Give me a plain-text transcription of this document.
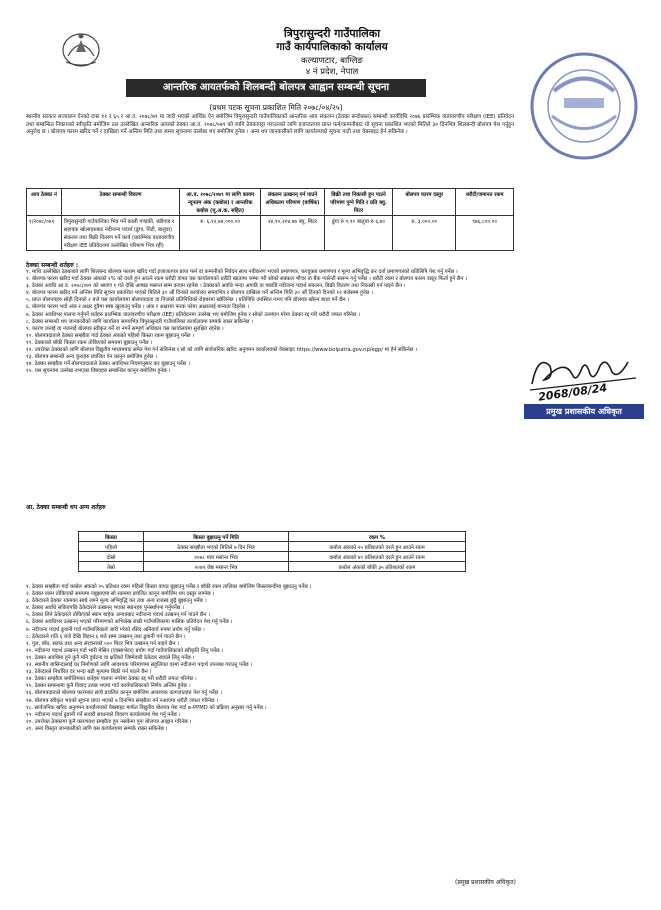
त्रिपुरासुन्दरी गाउँपालिका
गाउँ कार्यपालिकाको कार्यालय
कल्याणटार, बाग्लिङ
४ नं प्रदेश, नेपाल
आन्तरिक आयतर्फको शिलबन्दी बोलपत्र आह्वान सम्बन्धी सूचना
(प्रथम पटक सूचना प्रकाशित मिति २०७८/०४/२५)
स्थानीय सरकार सञ्चालन ऐनको दफा ११ र ६५ र आ.व. २०७८/७९ मा जारी भएको आर्थिक ऐन बमोजिम त्रिपुरासुन्दरी गाउँपालिकाको आन्तरिक आय संकलन (ठेक्का बन्दोबस्त) सम्बन्धी कार्यविधि २०७६ प्रारम्भिक वातावरणीय परीक्षण (IEE) प्रतिवेदन तथा सम्बन्धित निकायको स्वीकृति बमोजिम तल उल्लेखित आन्तरिक आयको ठेक्का आ.व. २०७८/०७९ को लागि ठेक्कापट्टा गराउनको लागि इजाजतपत्र प्राप्त फर्म/कम्पनीबाट यो सूचना प्रकाशित भएको मितिले ३० दिनभित्र शिलबन्दी बोलपत्र पेश गर्नुहुन अनुरोध छ । बोलपत्र फारम खरिद गर्ने र दाखिला गर्ने अन्तिम मिति तथा समय सूचनामा उल्लेख भए बमोजिम हुनेछ । अन्य थप जानकारीको लागि कार्यालयको सूचना पाटी तथा वेबसाइट हेर्न सकिनेछ ।
आय ठेक्का नं	ठेक्का सम्बन्धी विवरण	आ.व. २०७८/२०७९ मा लागि कायम न्यूनतम अंक (कबोल) र आन्तरिक कबोल (मू.अ.क. सहित)	संकलन उत्खनन् गर्न पाउने अधिकतम परिमाण (वार्षिक)	बिक्री तथा निकासी हुन पाउने परिमाण पुग्ने मिति र प्रति क्यु. मिटर	बोलपत्र फारम दस्तुर	धरौटी/जमानत रकम
१/२०७८/०७९	त्रिपुरासुन्दरी गाउँपालिका भित्र पर्ने काली गण्डकी, बडीगाड र सहायक खोलाहरुबाट नदीजन्य पदार्थ (ढुंगा, गिटी, बालुवा) संकलन तथा बिक्री वितरण गर्ने कार्य (प्रारम्भिक वातावरणीय परीक्षण IEE प्रतिवेदनमा उल्लेखित परिमाण भित्र रही)	रु. ६,१२,७४,०००.००	२४,९०,२१४.४७ क्यु. मिटर	ढुंगा रु ९.९० बालुवा रु ६.७०	रु. ३,०००.००	९७६,८००.००
ठेक्का सम्बन्धी शर्तहरु :

१. माथि उल्लेखित ठेक्काको लागि शिलबन्द बोलपत्र फाराम खरिद गर्दा इजाजतपत्र प्राप्त फर्म वा कम्पनीको निवेदन साथ नवीकरण भएको प्रमाणपत्र, करचुक्ता प्रमाणपत्र र मूल्य अभिवृद्धि कर दर्ता प्रमाणपत्रको प्रतिलिपि पेश गर्नु पर्नेछ ।

२. बोलपत्र फारम खरिद गर्दा ठेक्का अंकको २% को दरले हुन आउने रकम धरौटी वापत यस कार्यालयको धरौटी खातामा जम्मा गरी सोको सक्कल भौचर वा बैंक ग्यारेन्टी संलग्न गर्नु पर्नेछ । धरौटी रकम र बोलपत्र फारम दस्तुर फिर्ता हुने छैन ।

३. ठेक्का अवधि आ.व. २०७८/०७९ को श्रावण १ गते देखि आषाढ मसान्त सम्म कायम रहनेछ । ठेक्काको अवधि भन्दा अगाडि वा पछाडि नदीजन्य पदार्थ संकलन, बिक्री वितरण तथा निकासी गर्न पाइने छैन ।

४. बोलपत्र फारम खरिद गर्ने अन्तिम मिति सूचना प्रकाशित भएको मितिले ३० औं दिनको कार्यालय समयभित्र र बोलपत्र दाखिला गर्ने अन्तिम मिति ३० औं दिनको दिनको १२ बजेसम्म हुनेछ ।

५. प्राप्त बोलपत्रहरु सोही दिनको २ बजे यस कार्यालयमा बोलपत्रदाता वा निजको प्रतिनिधिको रोहबरमा खोलिनेछ । प्रतिनिधि उपस्थित नभए पनि बोलपत्र खोल्न बाधा पर्ने छैन ।

६. बोलपत्र फारम भर्दा अंक र अक्षर दुवैमा स्पष्ट खुलाउनु पर्नेछ । अंक र अक्षरमा फरक परेमा अक्षरलाई मान्यता दिइनेछ ।

७. ठेक्का अवधिभर पालना गर्नुपर्ने शर्तहरु प्रारम्भिक वातावरणीय परीक्षण (IEE) प्रतिवेदनमा उल्लेख भए बमोजिम हुनेछ र सोको उल्लंघन गरेमा ठेक्का रद्द गरी धरौटी जफत गरिनेछ ।

८. ठेक्का सम्बन्धी थप जानकारीको लागि कार्यालय समयभित्र त्रिपुरासुन्दरी गाउँपालिका कार्यालयमा सम्पर्क राख्न सकिनेछ ।

९. कारण जनाई वा नजनाई बोलपत्र स्वीकृत गर्ने वा नगर्ने सम्पूर्ण अधिकार यस कार्यालयमा सुरक्षित रहनेछ ।

१०. बोलपत्रदाताले ठेक्का सम्झौता गर्दा ठेक्का अंकको पहिलो किस्ता रकम बुझाउनु पर्नेछ ।

११. ठेक्काको बाँकी किस्ता रकम तोकिएको समयमा बुझाउनु पर्नेछ ।

१२. उपरोक्त ठेक्काको लागि बोलपत्र विद्युतीय माध्यमबाट समेत पेश गर्न सकिनेछ र सो को लागि सार्वजनिक खरिद अनुगमन कार्यालयको वेबसाइट https://www.bolpatra.gov.np/egp/ मा हेर्न सकिनेछ ।

१३. बोलपत्र सम्बन्धी अन्य कुराहरु प्रचलित ऐन कानून बमोजिम हुनेछ ।

१४. ठेक्का सम्झौता गर्ने बोलपत्रदाताले ठेक्का अवधिभर नियमानुसार कर बुझाउनु पर्नेछ ।

१५. यस सूचनामा उल्लेख नभएका विषयहरु सम्बन्धित कानून बमोजिम हुनेछ ।

आ. ठेक्का सम्बन्धी थप अन्य शर्तहरु
किस्ता	किस्ता बुझाउनु पर्ने मिति	रकम %
पहिलो	ठेक्का सम्झौता भएको मितिले ७ दिन भित्र	कबोल अंकको २५ प्रतिशतको दरले हुन आउने रकम
दोस्रो	२०७८ माघ मसान्त भित्र	कबोल अंकको ४० प्रतिशतको दरले हुन आउने रकम
तेस्रो	२०७९ जेष्ठ मसान्त भित्र	कबोल अंकको बाँकी ३५ प्रतिशतको रकम

१. ठेक्का सम्झौता गर्दा कबोल अंकको २५ प्रतिशत रकम पहिलो किस्ता वापत बुझाउनु पर्नेछ र बाँकी रकम तालिका बमोजिम किस्ताबन्दीमा बुझाउनु पर्नेछ ।

२. ठेक्का रकम तोकिएको समयमा नबुझाएमा सो रकममा प्रचलित कानून बमोजिम थप दस्तुर लाग्नेछ ।

३. ठेकेदारले ठेक्का रकमका साथै लाग्ने मूल्य अभिवृद्धि कर तथा अन्य राजस्व छुट्टै बुझाउनु पर्नेछ ।

४. ठेक्का अवधि सकिएपछि ठेकेदारले उत्खनन् भएका स्थानहरु पुनर्स्थापना गर्नुपर्नेछ ।

५. ठेक्का लिने ठेकेदारले तोकिएको स्थान बाहेक अन्यत्रबाट नदीजन्य पदार्थ उत्खनन् गर्न पाउने छैन ।

६. ठेक्का अवधिभर उत्खनन् भएको परिमाणको अभिलेख राखी गाउँपालिकामा मासिक प्रतिवेदन पेश गर्नु पर्नेछ ।

७. नदीजन्य पदार्थ ढुवानी गर्दा गाउँपालिकाले जारी गरेको रसिद अनिवार्य रुपमा प्रयोग गर्नु पर्नेछ ।

८. ठेकेदारले राति ६ बजे देखि बिहान ६ बजे सम्म उत्खनन् तथा ढुवानी गर्न पाउने छैन ।

९. पुल, बाँध, सडक तथा अन्य संरचनाको ५०० मिटर भित्र उत्खनन् गर्न पाइने छैन ।

१०. नदीजन्य पदार्थ उत्खनन् गर्दा भारी मेसिन (एक्साभेटर) प्रयोग गर्दा गाउँपालिकाको स्वीकृति लिनु पर्नेछ ।

११. ठेक्का अवधिमा हुने कुनै पनि दुर्घटना वा क्षतिको जिम्मेवारी ठेकेदार स्वयंले लिनु पर्नेछ ।

१२. स्थानीय बासिन्दालाई घर निर्माणको लागि आवश्यक परिमाणमा सहुलियत दरमा नदीजन्य पदार्थ उपलब्ध गराउनु पर्नेछ ।

१३. ठेकेदारले निर्धारित दर भन्दा बढी मूल्यमा बिक्री गर्न पाउने छैन ।

१४. ठेक्का सम्झौता बमोजिमका शर्तहरु पालना नगरेमा ठेक्का रद्द गरी धरौटी जफत गरिनेछ ।

१५. ठेक्का सम्बन्धमा कुनै विवाद उत्पन्न भएमा गाउँ कार्यपालिकाको निर्णय अन्तिम हुनेछ ।

१६. बोलपत्रदाताले बोलपत्र फारमका साथै प्रचलित कानून बमोजिम आवश्यक कागजातहरु पेश गर्नु पर्नेछ ।

१७. बोलपत्र स्वीकृत भएको सूचना प्राप्त भएको ७ दिनभित्र सम्झौता गर्न नआएमा धरौटी जफत गरिनेछ ।

१८. सार्वजनिक खरिद अनुगमन कार्यालयको वेबसाइट मार्फत विद्युतीय बोलपत्र पेश गर्दा e-PPMD को प्रक्रिया अनुसार गर्नु पर्नेछ ।

१९. नदीजन्य पदार्थ ढुवानी गर्ने सवारी साधनको विवरण कार्यालयमा पेश गर्नु पर्नेछ ।

२०. उपरोक्त ठेक्कामा कुनै कारणवश सम्झौता हुन नसकेमा पुनः बोलपत्र आह्वान गरिनेछ ।

२१. अन्य विस्तृत जानकारीको लागि यस कार्यालयमा सम्पर्क राख्न सकिनेछ ।

2068/08/24
प्रमुख प्रशासकीय अधिकृत
(प्रमुख प्रशासकीय अधिकृत)
